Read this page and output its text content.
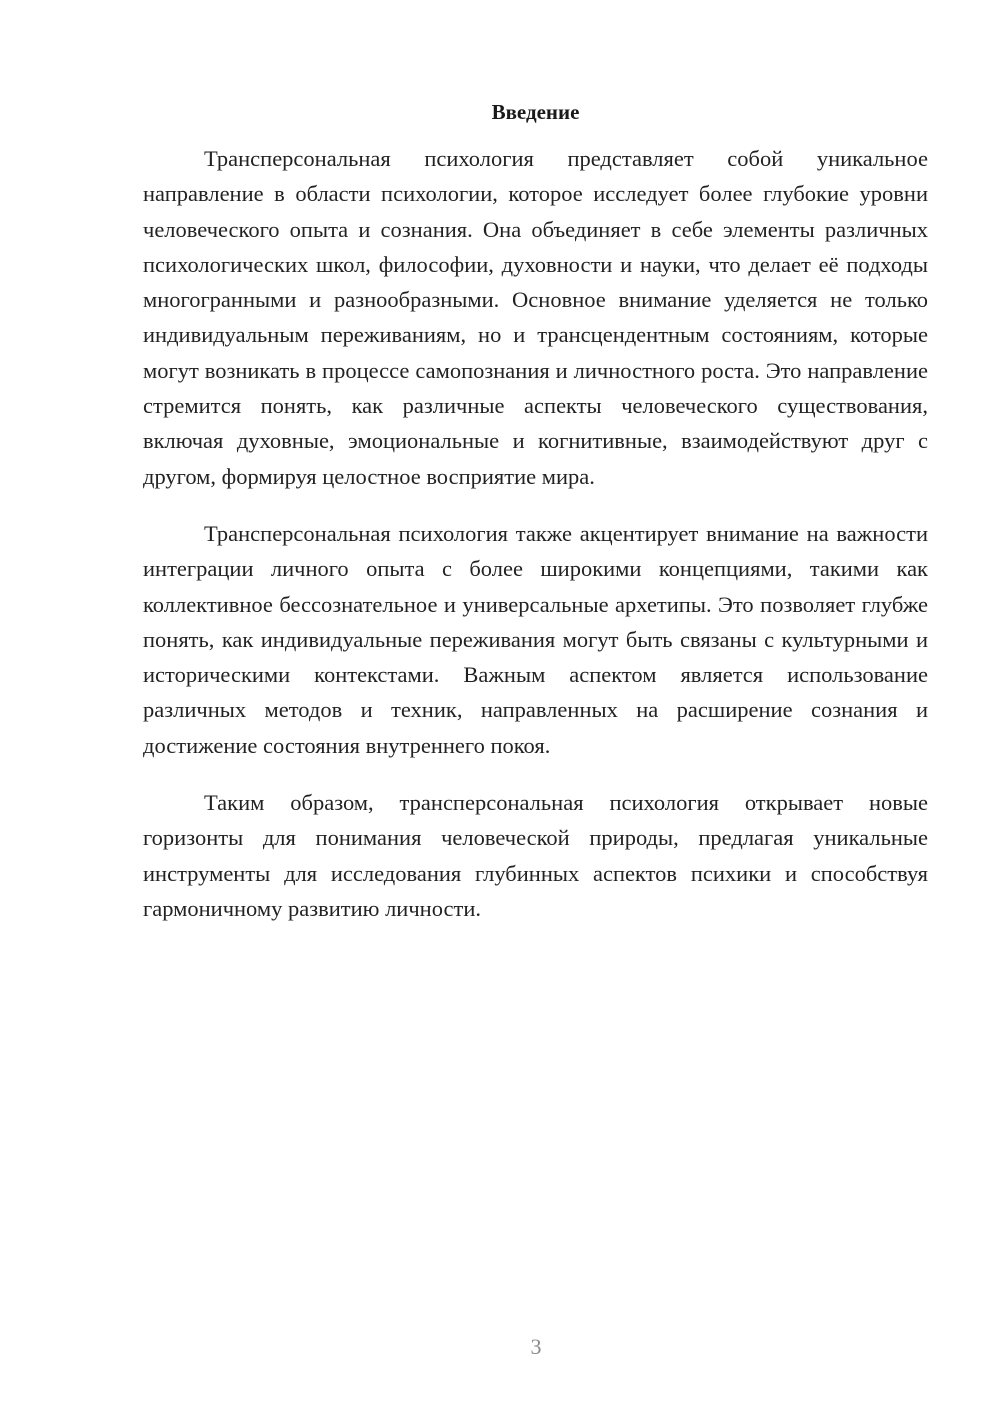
Введение

Трансперсональная психология представляет собой уникальное направление в области психологии, которое исследует более глубокие уровни человеческого опыта и сознания. Она объединяет в себе элементы различных психологических школ, философии, духовности и науки, что делает её подходы многогранными и разнообразными. Основное внимание уделяется не только индивидуальным переживаниям, но и трансцендентным состояниям, которые могут возникать в процессе самопознания и личностного роста. Это направление стремится понять, как различные аспекты человеческого существования, включая духовные, эмоциональные и когнитивные, взаимодействуют друг с другом, формируя целостное восприятие мира.

Трансперсональная психология также акцентирует внимание на важности интеграции личного опыта с более широкими концепциями, такими как коллективное бессознательное и универсальные архетипы. Это позволяет глубже понять, как индивидуальные переживания могут быть связаны с культурными и историческими контекстами. Важным аспектом является использование различных методов и техник, направленных на расширение сознания и достижение состояния внутреннего покоя.

Таким образом, трансперсональная психология открывает новые горизонты для понимания человеческой природы, предлагая уникальные инструменты для исследования глубинных аспектов психики и способствуя гармоничному развитию личности.

3
